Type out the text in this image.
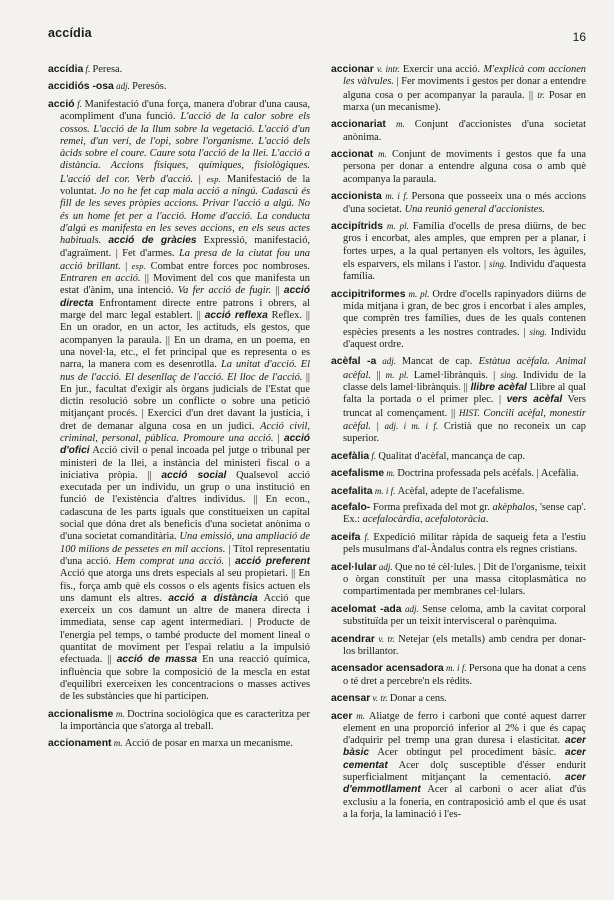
accídia	16

accídia f. Peresa.

accidiós -osa adj. Peresós.

acció f. Manifestació d'una força, manera d'obrar d'una causa, acompliment d'una funció. L'acció de la calor sobre els cossos. L'acció de la llum sobre la vegetació. L'acció d'un remei, d'un verí, de l'opi, sobre l'organisme. L'acció dels àcids sobre el coure. Caure sota l'acció de la llei. L'acció a distància. Accions físiques, químiques, fisiològiques. L'acció del cor. Verb d'acció. | esp. Manifestació de la voluntat. Jo no he fet cap mala acció a ningú. Cadascú és fill de les seves pròpies accions. Privar l'acció a algú. No és un home fet per a l'acció. Home d'acció. La conducta d'algú es manifesta en les seves accions, en els seus actes habituals. acció de gràcies Expressió, manifestació, d'agraïment. | Fet d'armes. La presa de la ciutat fou una acció brillant. | esp. Combat entre forces poc nombroses. Entraren en acció. || Moviment del cos que manifesta un estat d'ànim, una intenció. Va fer acció de fugir. || acció directa Enfrontament directe entre patrons i obrers, al marge del marc legal establert. || acció reflexa Reflex. || En un orador, en un actor, les actituds, els gestos, que acompanyen la paraula. || En un drama, en un poema, en una novel·la, etc., el fet principal que es representa o es narra, la manera com es desenrotlla. La unitat d'acció. El nus de l'acció. El desenllaç de l'acció. El lloc de l'acció. || En jur., facultat d'exigir als òrgans judicials de l'Estat que dictin resolució sobre un conflicte o sobre una petició mitjançant procés. | Exercici d'un dret davant la justícia, i dret de demanar alguna cosa en un judici. Acció civil, criminal, personal, pública. Promoure una acció. | acció d'ofici Acció civil o penal incoada pel jutge o tribunal per ministeri de la llei, a instància del ministeri fiscal o a iniciativa pròpia. || acció social Qualsevol acció executada per un individu, un grup o una institució en funció de l'existència d'altres individus. || En econ., cadascuna de les parts iguals que constitueixen un capital social que dóna dret als beneficis d'una societat anònima o d'una societat comanditària. Una emissió, una ampliació de 100 milions de pessetes en mil accions. | Títol representatiu d'una acció. Hem comprat una acció. | acció preferent Acció que atorga uns drets especials al seu propietari. || En fís., força amb què els cossos o els agents físics actuen els uns damunt els altres. acció a distància Acció que exerceix un cos damunt un altre de manera directa i immediata, sense cap agent intermediari. | Producte de l'energia pel temps, o també producte del moment lineal o quantitat de moviment per l'espai relatiu a la impulsió efectuada. || acció de massa En una reacció química, influència que sobre la composició de la mescla en estat d'equilibri exerceixen les concentracions o masses actives de les substàncies que hi participen.

accionalisme m. Doctrina sociològica que es caracteritza per la importància que s'atorga al treball.

accionament m. Acció de posar en marxa un mecanisme.

accionar v. intr. Exercir una acció. M'explicà com accionen les vàlvules. | Fer moviments i gestos per donar a entendre alguna cosa o per acompanyar la paraula. || tr. Posar en marxa (un mecanisme).

accionariat m. Conjunt d'accionistes d'una societat anònima.

accionat m. Conjunt de moviments i gestos que fa una persona per donar a entendre alguna cosa o amb què acompanya la paraula.

accionista m. i f. Persona que posseeix una o més accions d'una societat. Una reunió general d'accionistes.

accipítrids m. pl. Família d'ocells de presa diürns, de bec gros i encorbat, ales amples, que empren per a planar, i fortes urpes, a la qual pertanyen els voltors, les àguiles, els esparvers, els milans i l'astor. | sing. Individu d'aquesta família.

accipitriformes m. pl. Ordre d'ocells rapinyadors diürns de mida mitjana i gran, de bec gros i encorbat i ales amples, que comprèn tres famílies, dues de les quals contenen espècies presents a les nostres contrades. | sing. Individu d'aquest ordre.

acèfal -a adj. Mancat de cap. Estàtua acèfala. Animal acèfal. || m. pl. Lamel·librànquis. | sing. Individu de la classe dels lamel·librànquis. || llibre acèfal Llibre al qual falta la portada o el primer plec. | vers acèfal Vers truncat al començament. || HIST. Concili acèfal, monestir acèfal. | adj. i m. i f. Cristià que no reconeix un cap superior.

acefàlia f. Qualitat d'acèfal, mancança de cap.

acefalisme m. Doctrina professada pels acèfals. | Acefàlia.

acefalita m. i f. Acèfal, adepte de l'acefalisme.

acefalo- Forma prefixada del mot gr. akèphalos, 'sense cap'. Ex.: acefalocàrdia, acefalotoràcia.

aceifa f. Expedició militar ràpida de saqueig feta a l'estiu pels musulmans d'al-Àndalus contra els regnes cristians.

acel·lular adj. Que no té cèl·lules. | Dit de l'organisme, teixit o òrgan constituït per una massa citoplasmàtica no compartimentada per membranes cel·lulars.

acelomat -ada adj. Sense celoma, amb la cavitat corporal substituïda per un teixit intervisceral o parènquima.

acendrar v. tr. Netejar (els metalls) amb cendra per donar-los brillantor.

acensador acensadora m. i f. Persona que ha donat a cens o té dret a percebre'n els rèdits.

acensar v. tr. Donar a cens.

acer m. Aliatge de ferro i carboni que conté aquest darrer element en una proporció inferior al 2% i que és capaç d'adquirir pel tremp una gran duresa i elasticitat. acer bàsic Acer obtingut pel procediment bàsic. acer cementat Acer dolç susceptible d'ésser endurit superficialment mitjançant la cementació. acer d'emmotllament Acer al carboni o acer aliat d'ús exclusiu a la foneria, en contraposició amb el que és usat a la forja, la laminació i l'es-
